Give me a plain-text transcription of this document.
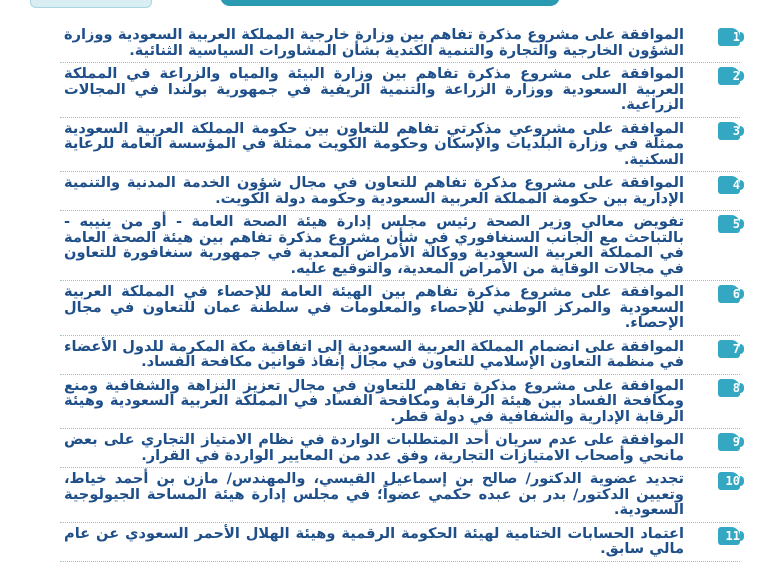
1
الموافقة على مشروع مذكرة تفاهم بين وزارة خارجية المملكة العربية السعودية ووزارة الشؤون الخارجية والتجارة والتنمية الكندية بشأن المشاورات السياسية الثنائية.
2
الموافقة على مشروع مذكرة تفاهم بين وزارة البيئة والمياه والزراعة في المملكة العربية السعودية ووزارة الزراعة والتنمية الريفية في جمهورية بولندا في المجالات الزراعية.
3
الموافقة على مشروعي مذكرتي تفاهم للتعاون بين حكومة المملكة العربية السعودية ممثلة في وزارة البلديات والإسكان وحكومة الكويت ممثلة في المؤسسة العامة للرعاية السكنية.
4
الموافقة على مشروع مذكرة تفاهم للتعاون في مجال شؤون الخدمة المدنية والتنمية الإدارية بين حكومة المملكة العربية السعودية وحكومة دولة الكويت.
5
تفويض معالي وزير الصحة رئيس مجلس إدارة هيئة الصحة العامة - أو من ينيبه - بالتباحث مع الجانب السنغافوري في شأن مشروع مذكرة تفاهم بين هيئة الصحة العامة في المملكة العربية السعودية ووكالة الأمراض المعدية في جمهورية سنغافورة للتعاون في مجالات الوقاية من الأمراض المعدية، والتوقيع عليه.
6
الموافقة على مشروع مذكرة تفاهم بين الهيئة العامة للإحصاء في المملكة العربية السعودية والمركز الوطني للإحصاء والمعلومات في سلطنة عمان للتعاون في مجال الإحصاء.
7
الموافقة على انضمام المملكة العربية السعودية إلى اتفاقية مكة المكرمة للدول الأعضاء في منظمة التعاون الإسلامي للتعاون في مجال إنفاذ قوانين مكافحة الفساد.
8
الموافقة على مشروع مذكرة تفاهم للتعاون في مجال تعزيز النزاهة والشفافية ومنع ومكافحة الفساد بين هيئة الرقابة ومكافحة الفساد في المملكة العربية السعودية وهيئة الرقابة الإدارية والشفافية في دولة قطر.
9
الموافقة على عدم سريان أحد المتطلبات الواردة في نظام الامتياز التجاري على بعض مانحي وأصحاب الامتيازات التجارية، وفق عدد من المعايير الواردة في القرار.
10
تجديد عضوية الدكتور/ صالح بن إسماعيل القيسي، والمهندس/ مازن بن أحمد خياط، وتعيين الدكتور/ بدر بن عبده حكمي عضواً؛ في مجلس إدارة هيئة المساحة الجيولوجية السعودية.
11
اعتماد الحسابات الختامية لهيئة الحكومة الرقمية وهيئة الهلال الأحمر السعودي عن عام مالي سابق.
